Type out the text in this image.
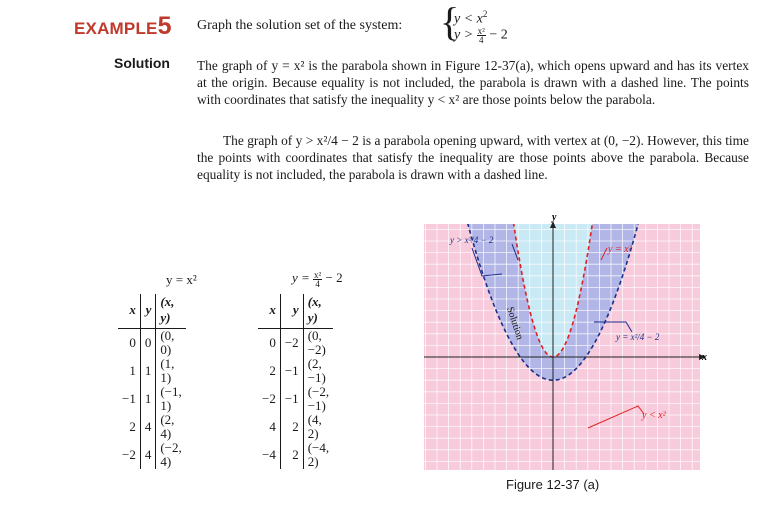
EXAMPLE5 Graph the solution set of the system: {
$y < x^2$
$y > \frac{\text{x²}}{4} - 2$
Solution The graph of y = x² is the parabola shown in Figure 12-37(a), which opens upward and has its vertex at the origin. Because equality is not included, the parabola is drawn with a dashed line. The points with coordinates that satisfy the inequality y < x² are those points below the parabola.
The graph of y > x²/4 − 2 is a parabola opening upward, with vertex at (0, −2). However, this time the points with coordinates that satisfy the inequality are those points above the parabola. Because equality is not included, the parabola is drawn with a dashed line.
y = x²
x	y	(x, y)
0	0	(0, 0)
1	1	(1, 1)
−1	1	(−1, 1)
2	4	(2, 4)
−2	4	(−2, 4)
$y = \frac{\text{x²}}{4} - 2$
x	y	(x, y)
0	−2	(0, −2)
2	−1	(2, −1)
−2	−1	(−2, −1)
4	2	(4, 2)
−4	2	(−4, 2)
y
x
y > x²/4 − 2
y = x²
y = x²/4 − 2
y < x²
Solution
Figure 12-37 (a)
